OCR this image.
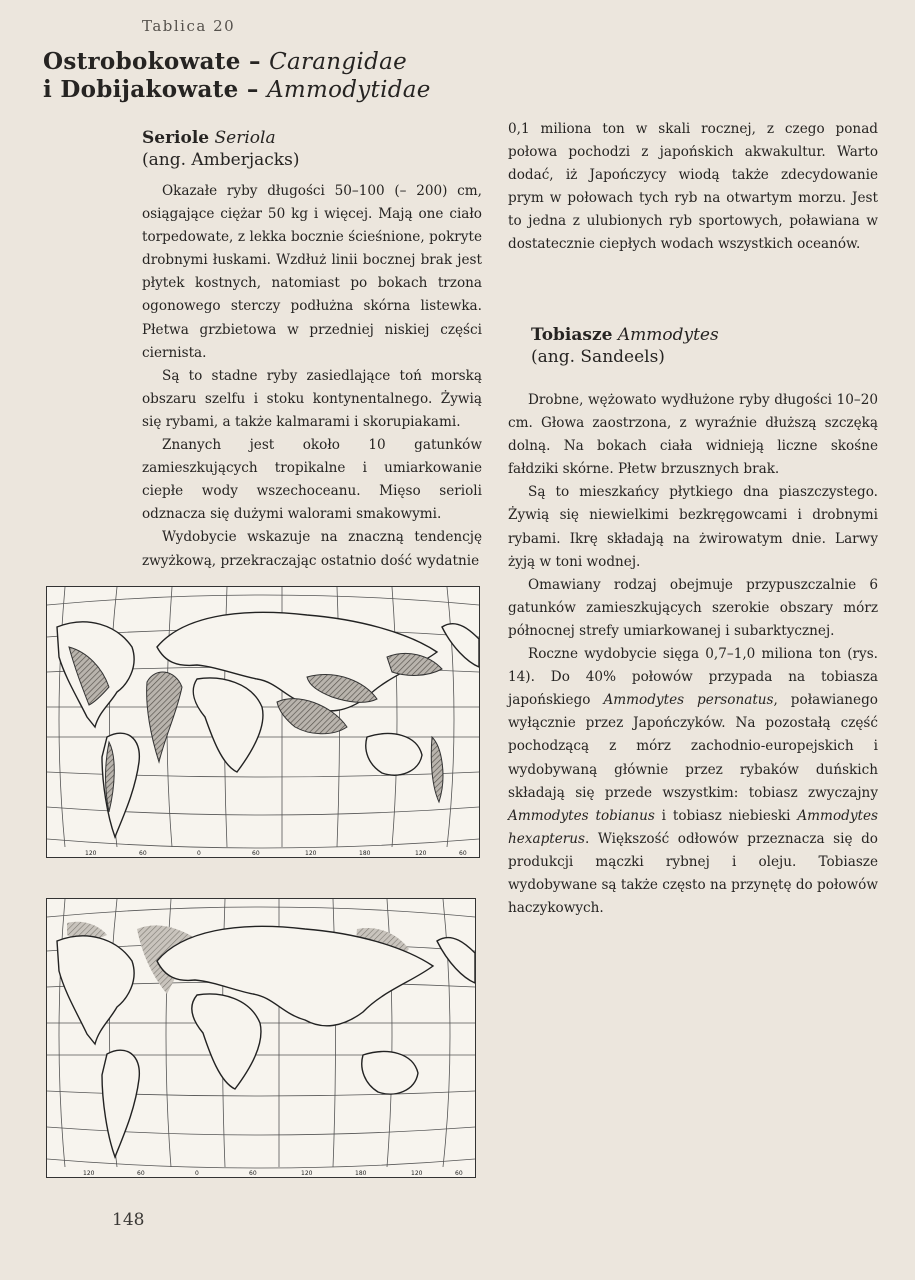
Tablica 20
Ostrobokowate – Carangidae
i Dobijakowate – Ammodytidae
Seriole Seriola
(ang. Amberjacks)

Okazałe ryby długości 50–100 (– 200) cm, osiągające ciężar 50 kg i więcej. Mają one ciało torpedowate, z lekka bocznie ścieśnione, pokryte drobnymi łuskami. Wzdłuż linii bocznej brak jest płytek kostnych, natomiast po bokach trzona ogonowego sterczy podłużna skórna listewka. Płetwa grzbietowa w przedniej niskiej części ciernista.

Są to stadne ryby zasiedlające toń morską obszaru szelfu i stoku kontynentalnego. Żywią się rybami, a także kalmarami i skorupiakami.

Znanych jest około 10 gatunków zamieszkujących tropikalne i umiarkowanie ciepłe wody wszechoceanu. Mięso serioli odznacza się dużymi walorami smakowymi.

Wydobycie wskazuje na znaczną tendencję zwyżkową, przekraczając ostatnio dość wydatnie

0,1 miliona ton w skali rocznej, z czego ponad połowa pochodzi z japońskich akwakultur. Warto dodać, iż Japończycy wiodą także zdecydowanie prym w połowach tych ryb na otwartym morzu. Jest to jedna z ulubionych ryb sportowych, poławiana w dostatecznie ciepłych wodach wszystkich oceanów.

Tobiasze Ammodytes
(ang. Sandeels)

Drobne, wężowato wydłużone ryby długości 10–20 cm. Głowa zaostrzona, z wyraźnie dłuższą szczęką dolną. Na bokach ciała widnieją liczne skośne fałdziki skórne. Płetw brzusznych brak.

Są to mieszkańcy płytkiego dna piaszczystego. Żywią się niewielkimi bezkręgowcami i drobnymi rybami. Ikrę składają na żwirowatym dnie. Larwy żyją w toni wodnej.

Omawiany rodzaj obejmuje przypuszczalnie 6 gatunków zamieszkujących szerokie obszary mórz północnej strefy umiarkowanej i subarktycznej.

Roczne wydobycie sięga 0,7–1,0 miliona ton (rys. 14). Do 40% połowów przypada na tobiasza japońskiego Ammodytes personatus, poławianego wyłącznie przez Japończyków. Na pozostałą część pochodzącą z mórz zachodnio-europejskich i wydobywaną głównie przez rybaków duńskich składają się przede wszystkim: tobiasz zwyczajny Ammodytes tobianus i tobiasz niebieski Ammodytes hexapterus. Większość odłowów przeznacza się do produkcji mączki rybnej i oleju. Tobiasze wydobywane są także często na przynętę do połowów haczykowych.

120	60	0	60	120	180	120	60
120	60	0	60	120	180	120	60
148
